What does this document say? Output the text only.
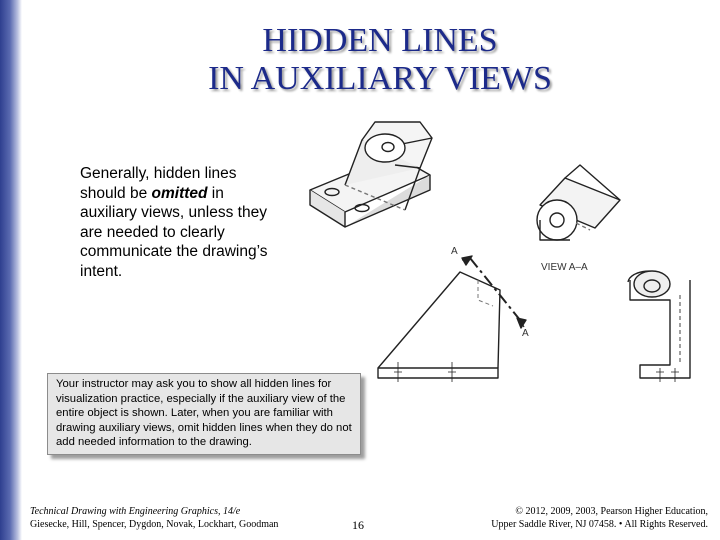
HIDDEN LINES
IN AUXILIARY VIEWS
Generally, hidden lines should be omitted in auxiliary views, unless they are needed to clearly communicate the drawing’s intent.
Your instructor may ask you to show all hidden lines for visualization practice, especially if the auxiliary view of the entire object is shown. Later, when you are familiar with drawing auxiliary views, omit hidden lines when they do not add needed information to the drawing.
A
A
VIEW A–A
Technical Drawing with Engineering Graphics, 14/e
Giesecke, Hill, Spencer, Dygdon, Novak, Lockhart, Goodman	16
© 2012, 2009, 2003, Pearson Higher Education,
Upper Saddle River, NJ 07458. • All Rights Reserved.
